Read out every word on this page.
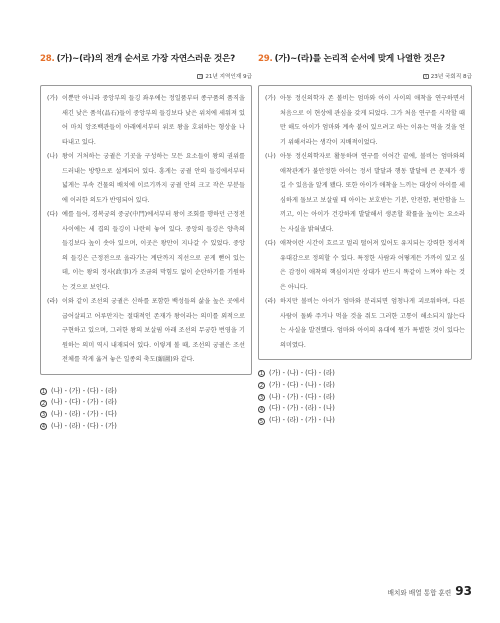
28. (가)~(라)의 전개 순서로 가장 자연스러운 것은?
기 21년 지역인재 9급
(가) 이뿐만 아니라 중앙부의 들깅 좌우에는 정일품부터 종구품의 품직을 새긴 낮은 품석(品石)들이 중앙부의 들깅보다 낮은 위치에 세워져 있어 마치 앙조백관들이 아래에서부터 위로 왕을 호위하는 형상을 나타내고 있다.
(나) 왕이 거처하는 궁궐은 기곳을 구성하는 모든 요소들이 왕의 권위를 드러내는 방향으로 설계되어 있다. 흥게는 궁궐 안의 들깅에서부터 넓게는 부속 건물의 배치에 이르기까지 궁궐 안의 크고 작은 부분들에 이러한 의도가 반영되어 있다.
(다) 예를 들어, 경복궁의 중궁(中門)에서부터 왕이 조회를 행하던 근정전 사이에는 세 겹의 들깅이 나란히 놓여 있다. 중앙의 들깅은 양측의 들깅보다 높이 솟아 있으며, 이곳은 왕만이 지나갈 수 있었다. 중앙의 들깅은 근정전으로 올라가는 계단까지 직선으로 곧게 뻗어 있는데, 이는 왕의 정사(政事)가 조금의 막힘도 없이 순탄하기를 기원하는 것으로 보인다.
(라) 이와 같이 조선의 궁궐은 신하를 포함한 백성들의 삶을 높은 곳에서 굽어살피고 어루만지는 절대적인 존재가 왕이라는 의미를 외적으로 구현하고 있으며, 그러한 왕의 보살핌 아래 조선의 무궁한 번영을 기원하는 의미 역시 내재되어 있다. 이렇게 볼 때, 조선의 궁궐은 조선 전체를 작게 옮겨 놓은 일종의 축도(縮圖)와 같다.
1 (나) - (가) - (다) - (라)
2 (나) - (다) - (가) - (라)
3 (나) - (라) - (가) - (다)
4 (나) - (라) - (다) - (가)
29. (가)~(라)를 논리적 순서에 맞게 나열한 것은?
기 23년 국회직 8급
(가) 아동 정신의학자 존 볼비는 엄마와 아이 사이의 애착을 연구하면서 처음으로 이 현상에 관심을 갖게 되었다. 그가 처음 연구를 시작할 때만 해도 아이가 엄마와 계속 붙어 있으려고 하는 이유는 먹을 것을 얻기 위해서라는 생각이 지배적이었다.
(나) 아동 정신의학자로 활동하며 연구를 이어간 끝에, 볼비는 엄마와의 애착관계가 불안정한 아이는 정서 발달과 행동 발달에 큰 문제가 생길 수 있음을 알게 됐다. 또한 아이가 애착을 느끼는 대상이 아이를 세심하게 돌보고 보살필 때 아이는 보호받는 기분, 안전함, 편안함을 느끼고, 이는 아이가 건강하게 발달해서 생존할 확률을 높이는 요소라는 사실을 밝혀냈다.
(다) 애착이란 시간이 흐르고 멀리 떨어져 있어도 유지되는 강력한 정서적 유대감으로 정의할 수 있다. 특정한 사람과 어떻게든 가까이 있고 싶은 감정이 애착의 핵심이지만 상대가 반드시 똑같이 느껴야 하는 것은 아니다.
(라) 하지만 볼비는 아이가 엄마와 분리되면 엄청나게 괴로워하며, 다른 사람이 돌봐 주거나 먹을 것을 줘도 그러한 고통이 해소되지 않는다는 사실을 발견했다. 엄마와 아이의 유대에 뭔가 특별한 것이 있다는 의미였다.
1 (가) - (나) - (다) - (라)
2 (가) - (다) - (나) - (라)
3 (나) - (가) - (다) - (라)
4 (다) - (가) - (라) - (나)
5 (다) - (라) - (가) - (나)
배치와 배열 통합 훈련 93
